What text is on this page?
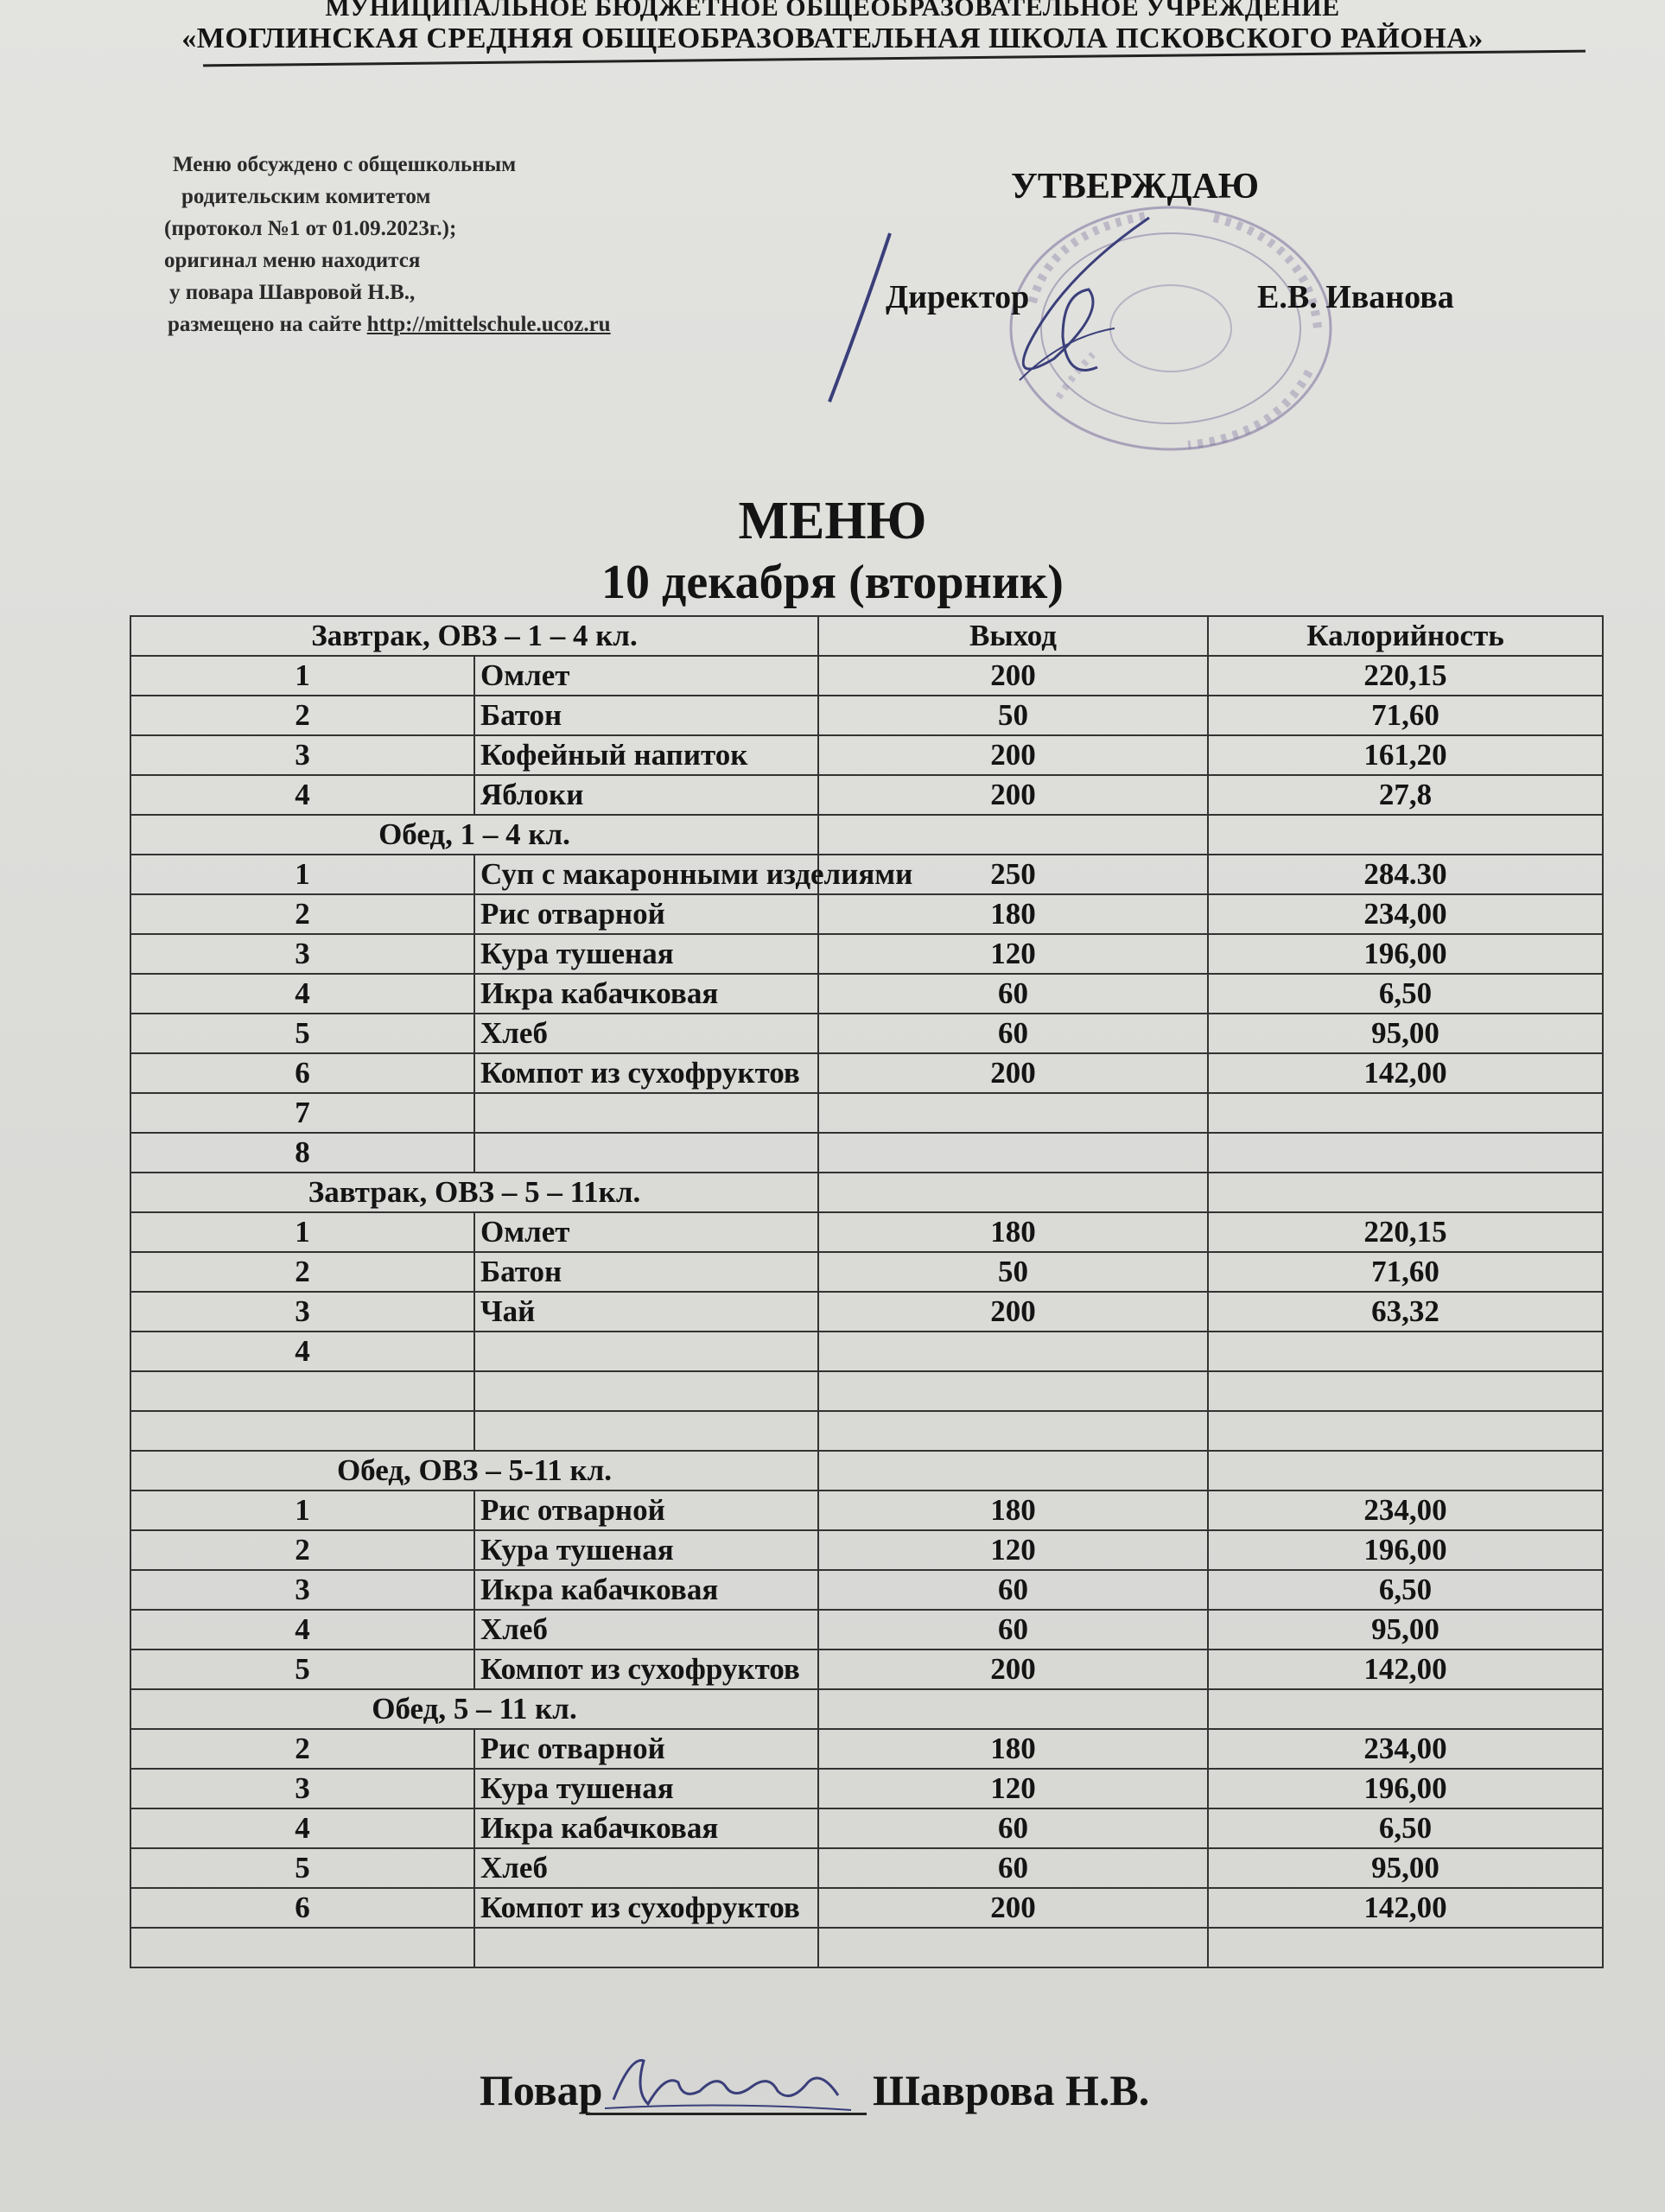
МУНИЦИПАЛЬНОЕ БЮДЖЕТНОЕ ОБЩЕОБРАЗОВАТЕЛЬНОЕ УЧРЕЖДЕНИЕ
«МОГЛИНСКАЯ СРЕДНЯЯ ОБЩЕОБРАЗОВАТЕЛЬНАЯ ШКОЛА ПСКОВСКОГО РАЙОНА»
Меню обсуждено с общешкольным
родительским комитетом
(протокол №1 от 01.09.2023г.);
оригинал меню находится
у повара Шавровой Н.В.,
размещено на сайте http://mittelschule.ucoz.ru
УТВЕРЖДАЮ
Директор	Е.В. Иванова
МЕНЮ
10 декабря (вторник)
Завтрак, ОВЗ – 1 – 4 кл.		Выход	Калорийность
1	Омлет	200	220,15
2	Батон	50	71,60
3	Кофейный напиток	200	161,20
4	Яблоки	200	27,8
Обед, 1 – 4 кл.			
1	Суп с макаронными изделиями	250	284.30
2	Рис отварной	180	234,00
3	Кура тушеная	120	196,00
4	Икра кабачковая	60	6,50
5	Хлеб	60	95,00
6	Компот из сухофруктов	200	142,00
7			
8			
Завтрак, ОВЗ – 5 – 11кл.			
1	Омлет	180	220,15
2	Батон	50	71,60
3	Чай	200	63,32
4			

Обед, ОВЗ – 5-11 кл.			
1	Рис отварной	180	234,00
2	Кура тушеная	120	196,00
3	Икра кабачковая	60	6,50
4	Хлеб	60	95,00
5	Компот из сухофруктов	200	142,00
Обед, 5 – 11 кл.			
2	Рис отварной	180	234,00
3	Кура тушеная	120	196,00
4	Икра кабачковая	60	6,50
5	Хлеб	60	95,00
6	Компот из сухофруктов	200	142,00

Повар	Шаврова Н.В.
